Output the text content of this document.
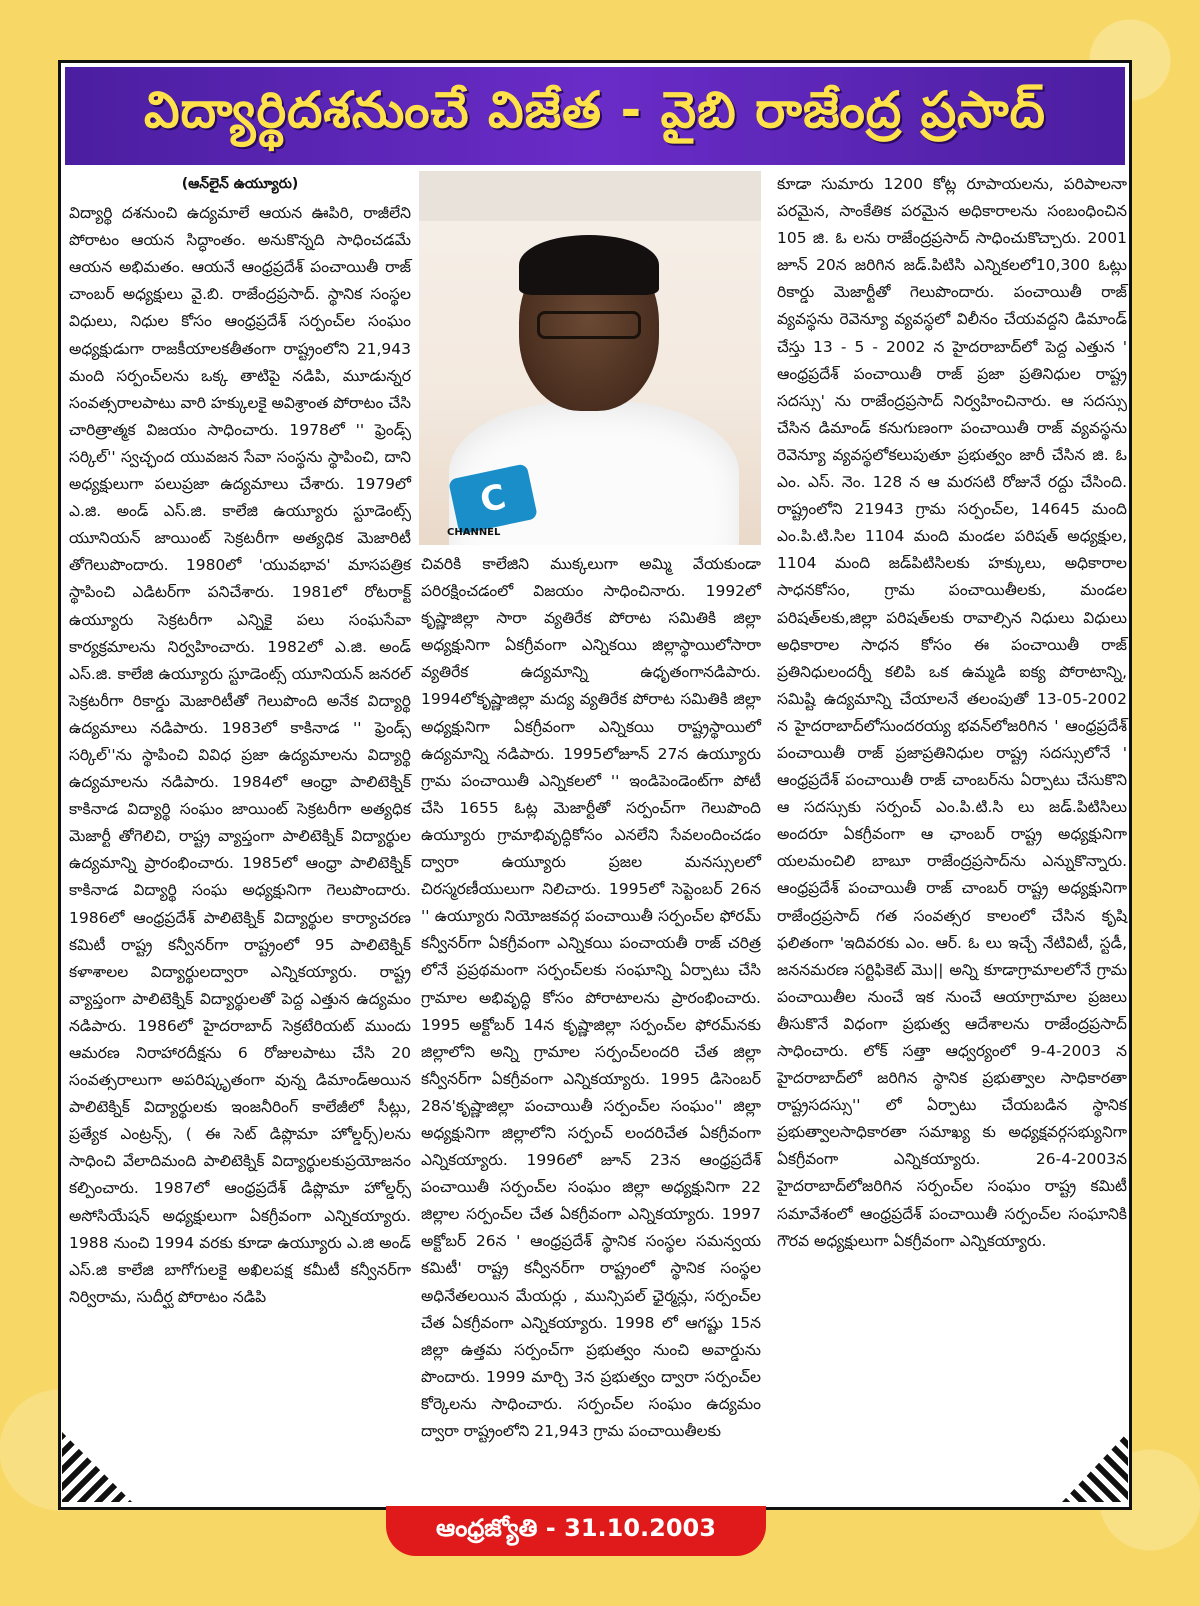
విద్యార్థిదశనుంచే విజేత - వైబి రాజేంద్ర ప్రసాద్
(ఆన్‌లైన్ ఉయ్యూరు)

విద్యార్థి దశనుంచి ఉద్యమాలే ఆయన ఊపిరి, రాజీలేని పోరాటం ఆయన సిద్ధాంతం. అనుకొన్నది సాధించడమే ఆయన అభిమతం. ఆయనే ఆంధ్రప్రదేశ్ పంచాయితీ రాజ్ చాంబర్ అధ్యక్షులు వై.బి. రాజేంద్రప్రసాద్. స్థానిక సంస్థల విధులు, నిధుల కోసం ఆంధ్రప్రదేశ్ సర్పంచ్‌ల సంఘం అధ్యక్షుడుగా రాజకీయాలకతీతంగా రాష్ట్రంలోని 21,943 మంది సర్పంచ్‌లను ఒక్క తాటిపై నడిపి, మూడున్నర సంవత్సరాలపాటు వారి హక్కులకై అవిశ్రాంత పోరాటం చేసి చారిత్రాత్మక విజయం సాధించారు. 1978లో '' ఫ్రెండ్స్ సర్కిల్'' స్వచ్ఛంద యువజన సేవా సంస్థను స్థాపించి, దాని అధ్యక్షులుగా పలుప్రజా ఉద్యమాలు చేశారు. 1979లో ఎ.జి. అండ్ ఎస్.జి. కాలేజి ఉయ్యూరు స్టూడెంట్స్ యూనియన్ జాయింట్ సెక్రటరీగా అత్యధిక మెజారిటీ తోగెలుపొందారు. 1980లో 'యువభావ' మాసపత్రిక స్థాపించి ఎడిటర్‌గా పనిచేశారు. 1981లో రోటరాక్ట్ ఉయ్యూరు సెక్రటరీగా ఎన్నికై పలు సంఘసేవా కార్యక్రమాలను నిర్వహించారు. 1982లో ఎ.జి. అండ్ ఎస్.జి. కాలేజి ఉయ్యూరు స్టూడెంట్స్ యూనియన్ జనరల్ సెక్రటరీగా రికార్డు మెజారిటీతో గెలుపొంది అనేక విద్యార్థి ఉద్యమాలు నడిపారు. 1983లో కాకినాడ '' ఫ్రెండ్స్ సర్కిల్''ను స్థాపించి వివిధ ప్రజా ఉద్యమాలను విద్యార్థి ఉద్యమాలను నడిపారు. 1984లో ఆంధ్రా పాలిటెక్నిక్ కాకినాడ విద్యార్థి సంఘం జాయింట్ సెక్రటరీగా అత్యధిక మెజార్టీ తోగెలిచి, రాష్ట్ర వ్యాప్తంగా పాలిటెక్నిక్ విద్యార్థుల ఉద్యమాన్ని ప్రారంభించారు. 1985లో ఆంధ్రా పాలిటెక్నిక్ కాకినాడ విద్యార్థి సంఘ అధ్యక్షునిగా గెలుపొందారు. 1986లో ఆంధ్రప్రదేశ్ పాలిటెక్నిక్ విద్యార్థుల కార్యాచరణ కమిటీ రాష్ట్ర కన్వీనర్‌గా రాష్ట్రంలో 95 పాలిటెక్నిక్ కళాశాలల విద్యార్థులద్వారా ఎన్నికయ్యారు. రాష్ట్ర వ్యాప్తంగా పాలిటెక్నిక్ విద్యార్థులతో పెద్ద ఎత్తున ఉద్యమం నడిపారు. 1986లో హైదరాబాద్ సెక్రటేరియట్ ముందు ఆమరణ నిరాహారదీక్షను 6 రోజులపాటు చేసి 20 సంవత్సరాలుగా అపరిష్కృతంగా వున్న డిమాండ్అయిన పాలిటెక్నిక్ విద్యార్థులకు ఇంజనీరింగ్ కాలేజీలో సీట్లు, ప్రత్యేక ఎంట్రన్స్, ( ఈ సెట్ డిప్లొమా హోల్డర్స్)లను సాధించి వేలాదిమంది పాలిటెక్నిక్ విద్యార్థులకుప్రయోజనం కల్పించారు. 1987లో ఆంధ్రప్రదేశ్ డిప్లొమా హోల్డర్స్ అసోసియేషన్ అధ్యక్షులుగా ఏకగ్రీవంగా ఎన్నికయ్యారు. 1988 నుంచి 1994 వరకు కూడా ఉయ్యూరు ఎ.జి అండ్ ఎస్.జి కాలేజి బాగోగులకై అఖిలపక్ష కమీటీ కన్వీనర్‌గా నిర్విరామ, సుదీర్ఘ పోరాటం నడిపి

C
CHANNEL

చివరికి కాలేజిని ముక్కలుగా అమ్మి వేయకుండా పరిరక్షించడంలో విజయం సాధించినారు. 1992లో కృష్ణాజిల్లా సారా వ్యతిరేక పోరాట సమితికి జిల్లా అధ్యక్షునిగా ఏకగ్రీవంగా ఎన్నికయి జిల్లాస్థాయిలోసారా వ్యతిరేక ఉద్యమాన్ని ఉధృతంగానడిపారు. 1994లోకృష్ణాజిల్లా మద్య వ్యతిరేక పోరాట సమితికి జిల్లా అధ్యక్షునిగా ఏకగ్రీవంగా ఎన్నికయి రాష్ట్రస్థాయిలో ఉద్యమాన్ని నడిపారు. 1995లోజూన్ 27న ఉయ్యూరు గ్రామ పంచాయితీ ఎన్నికలలో '' ఇండిపెండెంట్‌గా పోటీ చేసి 1655 ఓట్ల మెజార్టీతో సర్పంచ్‌గా గెలుపొంది ఉయ్యూరు గ్రామాభివృద్ధికోసం ఎనలేని సేవలందించడం ద్వారా ఉయ్యూరు ప్రజల మనస్సులలో చిరస్మరణీయులుగా నిలిచారు. 1995లో సెప్టెంబర్ 26న '' ఉయ్యూరు నియోజకవర్గ పంచాయితీ సర్పంచ్‌ల ఫోరమ్ కన్వీనర్‌గా ఏకగ్రీవంగా ఎన్నికయి పంచాయతీ రాజ్ చరిత్ర లోనే ప్రప్రథమంగా సర్పంచ్‌లకు సంఘాన్ని ఏర్పాటు చేసి గ్రామాల అభివృద్ధి కోసం పోరాటాలను ప్రారంభించారు. 1995 అక్టోబర్ 14న కృష్ణాజిల్లా సర్పంచ్‌ల ఫోరమ్‌నకు జిల్లాలోని అన్ని గ్రామాల సర్పంచ్‌లందరి చేత జిల్లా కన్వీనర్‌గా ఏకగ్రీవంగా ఎన్నికయ్యారు. 1995 డిసెంబర్ 28న'కృష్ణాజిల్లా పంచాయితీ సర్పంచ్‌ల సంఘం'' జిల్లా అధ్యక్షునిగా జిల్లాలోని సర్పంచ్ లందరిచేత ఏకగ్రీవంగా ఎన్నికయ్యారు. 1996లో జూన్ 23న ఆంధ్రప్రదేశ్ పంచాయితీ సర్పంచ్‌ల సంఘం జిల్లా అధ్యక్షునిగా 22 జిల్లాల సర్పంచ్‌ల చేత ఏకగ్రీవంగా ఎన్నికయ్యారు. 1997 అక్టోబర్ 26న ' ఆంధ్రప్రదేశ్ స్థానిక సంస్థల సమన్వయ కమిటీ' రాష్ట్ర కన్వీనర్‌గా రాష్ట్రంలో స్థానిక సంస్థల అధినేతలయిన మేయర్లు , మున్సిపల్ ఛైర్మన్లు, సర్పంచ్‌ల చేత ఏకగ్రీవంగా ఎన్నికయ్యారు. 1998 లో ఆగష్టు 15న జిల్లా ఉత్తమ సర్పంచ్‌గా ప్రభుత్వం నుంచి అవార్డును పొందారు. 1999 మార్చి 3న ప్రభుత్వం ద్వారా సర్పంచ్‌ల కోర్కెలను సాధించారు. సర్పంచ్‌ల సంఘం ఉద్యమం ద్వారా రాష్ట్రంలోని 21,943 గ్రామ పంచాయితీలకు

కూడా సుమారు 1200 కోట్ల రూపాయలను, పరిపాలనా పరమైన, సాంకేతిక పరమైన అధికారాలను సంబంధించిన 105 జి. ఓ లను రాజేంద్రప్రసాద్ సాధించుకొచ్చారు. 2001 జూన్ 20న జరిగిన జడ్.పిటిసి ఎన్నికలలో10,300 ఓట్లు రికార్డు మెజార్టీతో గెలుపొందారు. పంచాయితీ రాజ్ వ్యవస్థను రెవెన్యూ వ్యవస్థలో విలీనం చేయవద్దని డిమాండ్ చేస్తు 13 - 5 - 2002 న హైదరాబాద్‌లో పెద్ద ఎత్తున ' ఆంధ్రప్రదేశ్ పంచాయితీ రాజ్ ప్రజా ప్రతినిధుల రాష్ట్ర సదస్సు' ను రాజేంద్రప్రసాద్ నిర్వహించినారు. ఆ సదస్సు చేసిన డిమాండ్ కనుగుణంగా పంచాయితీ రాజ్ వ్యవస్థను రెవెన్యూ వ్యవస్థలోకలుపుతూ ప్రభుత్వం జారీ చేసిన జి. ఓ ఎం. ఎస్. నెం. 128 న ఆ మరసటి రోజునే రద్దు చేసింది. రాష్ట్రంలోని 21943 గ్రామ సర్పంచ్‌ల, 14645 మంది ఎం.పి.టి.సిల 1104 మంది మండల పరిషత్ అధ్యక్షుల, 1104 మంది జడ్‌పిటిసిలకు హక్కులు, అధికారాల సాధనకోసం, గ్రామ పంచాయితీలకు, మండల పరిషత్‌లకు,జిల్లా పరిషత్‌లకు రావాల్సిన నిధులు విధులు అధికారాల సాధన కోసం ఈ పంచాయితీ రాజ్ ప్రతినిధులందర్నీ కలిపి ఒక ఉమ్మడి ఐక్య పోరాటాన్ని, సమిష్టి ఉద్యమాన్ని చేయాలనే తలంపుతో 13-05-2002 న హైదరాబాద్‌లోసుందరయ్య భవన్‌లోజరిగిన ' ఆంధ్రప్రదేశ్ పంచాయితీ రాజ్ ప్రజాప్రతినిధుల రాష్ట్ర సదస్సులోనే ' ఆంధ్రప్రదేశ్ పంచాయితీ రాజ్ చాంబర్‌ను ఏర్పాటు చేసుకొని ఆ సదస్సుకు సర్పంచ్ ఎం.పి.టి.సి లు జడ్.పిటిసిలు అందరూ ఏకగ్రీవంగా ఆ ఛాంబర్ రాష్ట్ర అధ్యక్షునిగా యలమంచిలి బాబూ రాజేంద్రప్రసాద్‌ను ఎన్నుకొన్నారు. ఆంధ్రప్రదేశ్ పంచాయితీ రాజ్ చాంబర్ రాష్ట్ర అధ్యక్షునిగా రాజేంద్రప్రసాద్ గత సంవత్సర కాలంలో చేసిన కృషి ఫలితంగా 'ఇదివరకు ఎం. ఆర్. ఓ లు ఇచ్చే నేటివిటీ, స్టడీ, జననమరణ సర్టిఫికెట్ మొ|| అన్ని కూడాగ్రామాలలోనే గ్రామ పంచాయితీల నుంచే ఇక నుంచే ఆయాగ్రామాల ప్రజలు తీసుకొనే విధంగా ప్రభుత్వ ఆదేశాలను రాజేంద్రప్రసాద్ సాధించారు. లోక్ సత్తా ఆధ్వర్యంలో 9-4-2003 న హైదరాబాద్‌లో జరిగిన స్థానిక ప్రభుత్వాల సాధికారతా రాష్ట్రసదస్సు'' లో ఏర్పాటు చేయబడిన స్థానిక ప్రభుత్వాలసాధికారతా సమాఖ్య కు అధ్యక్షవర్గసభ్యునిగా ఏకగ్రీవంగా ఎన్నికయ్యారు. 26-4-2003న హైదరాబాద్‌లోజరిగిన సర్పంచ్‌ల సంఘం రాష్ట్ర కమిటీ సమావేశంలో ఆంధ్రప్రదేశ్ పంచాయితీ సర్పంచ్‌ల సంఘానికి గౌరవ అధ్యక్షులుగా ఏకగ్రీవంగా ఎన్నికయ్యారు.

ఆంధ్రజ్యోతి - 31.10.2003
